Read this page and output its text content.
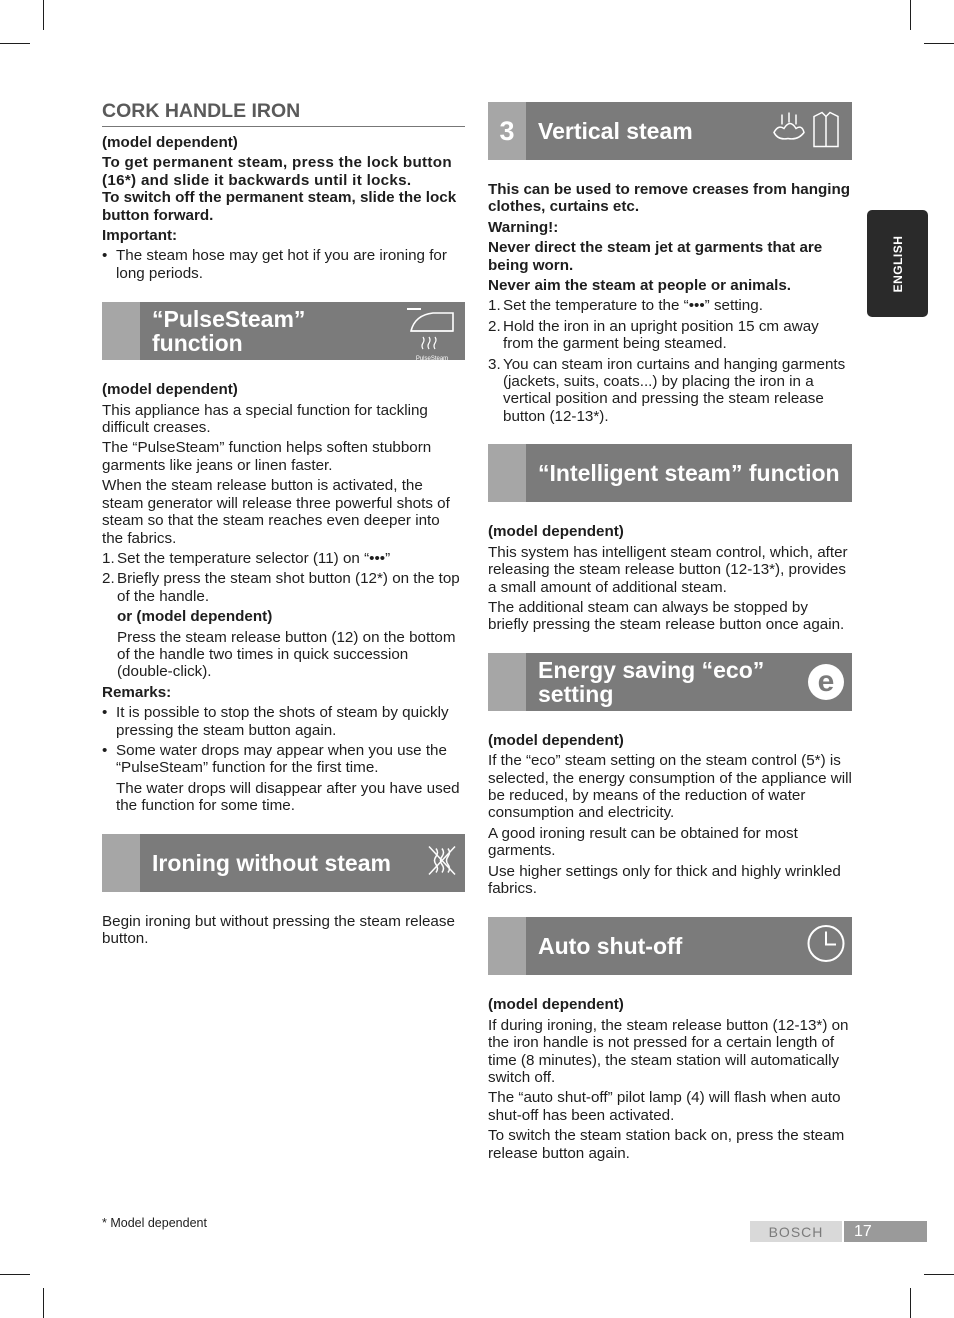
CORK HANDLE IRON

(model dependent)

To get permanent steam, press the lock button (16*) and slide it backwards until it locks.

To switch off the permanent steam, slide the lock button forward.

Important:

• The steam hose may get hot if you are ironing for long periods.
“PulseSteam”
function
PulseSteam

(model dependent)

This appliance has a special function for tackling difficult creases.

The “PulseSteam” function helps soften stubborn garments like jeans or linen faster.

When the steam release button is activated, the steam generator will release three powerful shots of steam so that the steam reaches even deeper into the fabrics.

1. Set the temperature selector (11) on “•••”
2. Briefly press the steam shot button (12*) on the top of the handle.

or (model dependent)

Press the steam release button (12) on the bottom of the handle two times in quick succession (double-click).

Remarks:

• It is possible to stop the shots of steam by quickly pressing the steam button again.
• Some water drops may appear when you use the “PulseSteam” function for the first time.

The water drops will disappear after you have used the function for some time.

Ironing without steam

Begin ironing but without pressing the steam release button.

3	Vertical steam

This can be used to remove creases from hanging clothes, curtains etc.

Warning!:

Never direct the steam jet at garments that are being worn.

Never aim the steam at people or animals.

1. Set the temperature to the “•••” setting.
2. Hold the iron in an upright position 15 cm away from the garment being steamed.
3. You can steam iron curtains and hanging garments (jackets, suits, coats...) by placing the iron in a vertical position and pressing the steam release button (12-13*).
“Intelligent steam” function

(model dependent)

This system has intelligent steam control, which, after releasing the steam release button (12-13*), provides a small amount of additional steam.

The additional steam can always be stopped by briefly pressing the steam release button once again.

Energy saving “eco”
setting	e

(model dependent)

If the “eco” steam setting on the steam control (5*) is selected, the energy consumption of the appliance will be reduced, by means of the reduction of water consumption and electricity.

A good ironing result can be obtained for most garments.

Use higher settings only for thick and highly wrinkled fabrics.

Auto shut-off

(model dependent)

If during ironing, the steam release button (12-13*) on the iron handle is not pressed for a certain length of time (8 minutes), the steam station will automatically switch off.

The “auto shut-off” pilot lamp (4) will flash when auto shut-off has been activated.

To switch the steam station back on, press the steam release button again.

ENGLISH
* Model dependent
BOSCH	17
